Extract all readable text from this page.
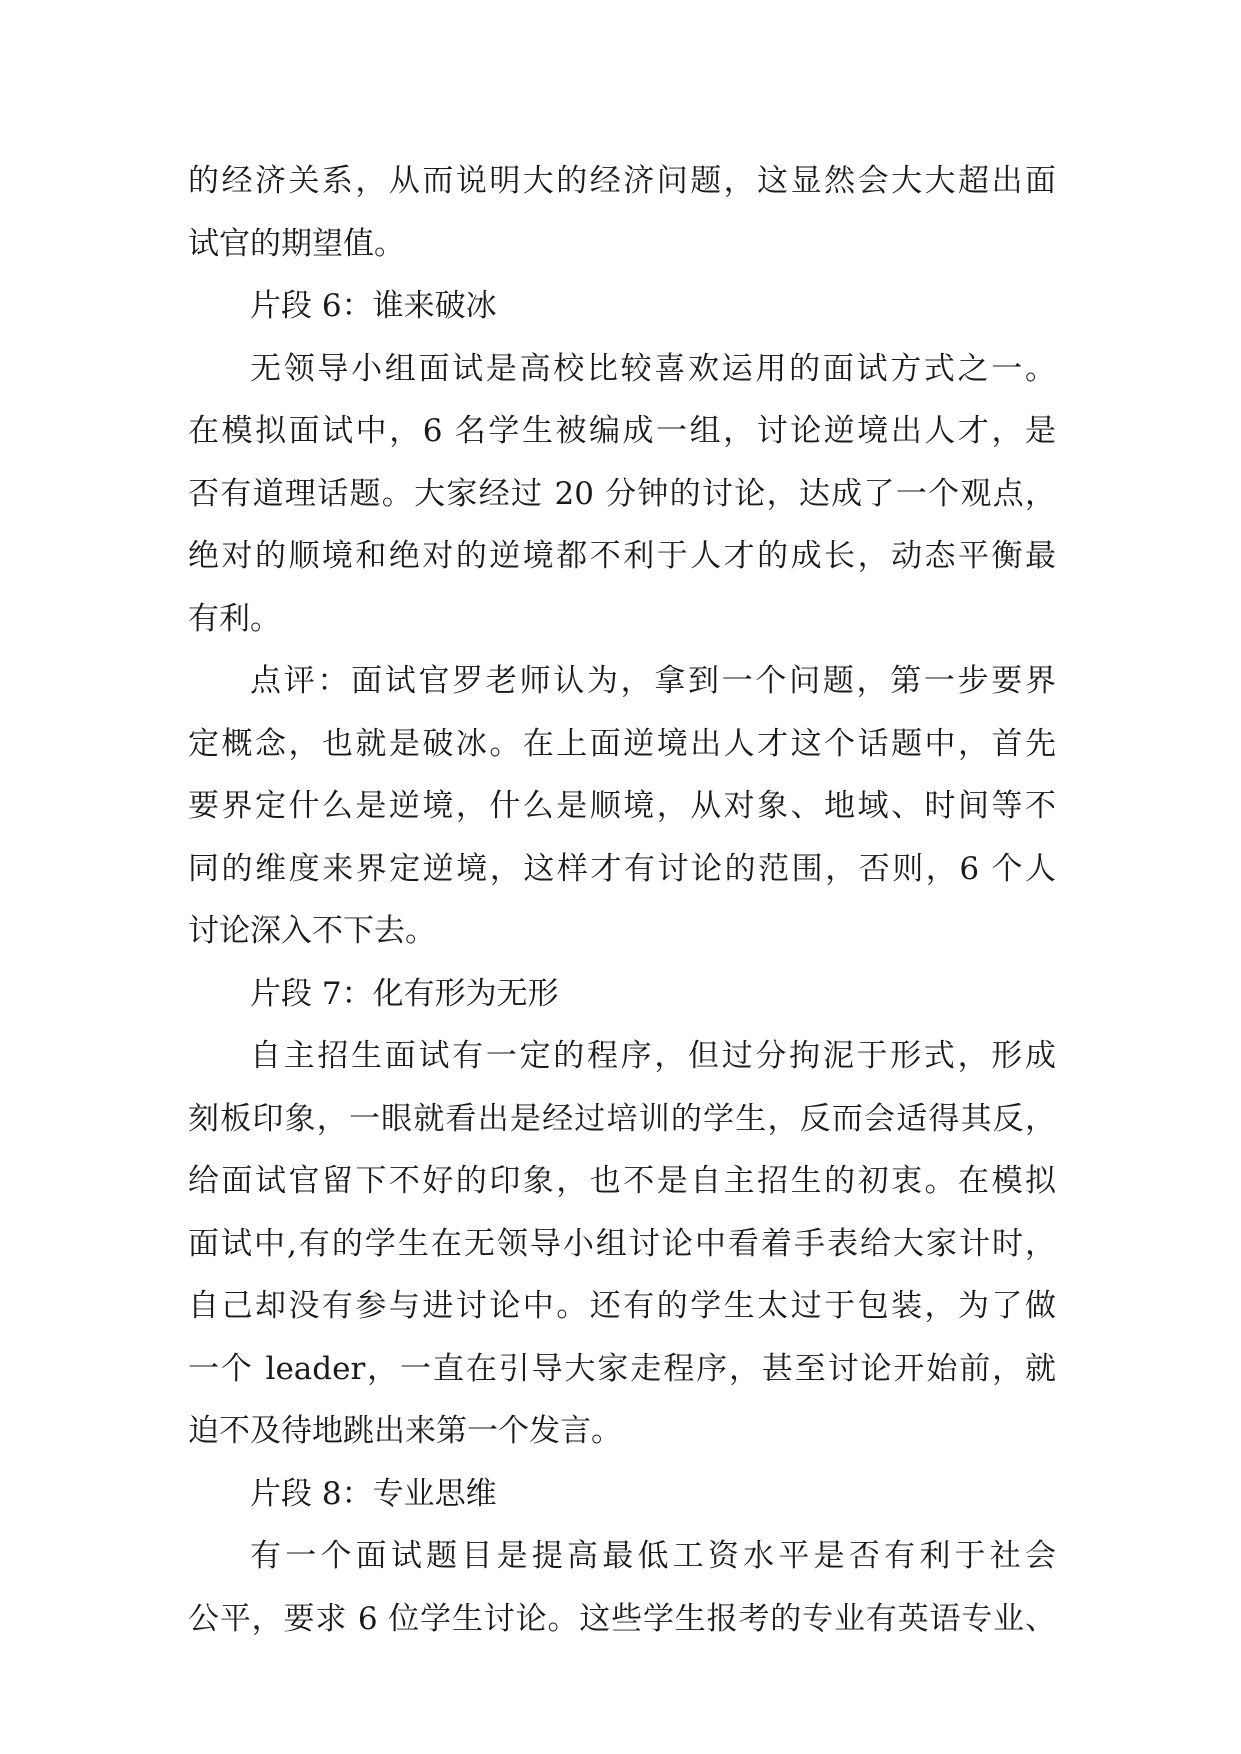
的经济关系，从而说明大的经济问题，这显然会大大超出面
试官的期望值。
片段 6：谁来破冰
无领导小组面试是高校比较喜欢运用的面试方式之一。
在模拟面试中，6 名学生被编成一组，讨论逆境出人才，是
否有道理话题。大家经过 20 分钟的讨论，达成了一个观点，
绝对的顺境和绝对的逆境都不利于人才的成长，动态平衡最
有利。
点评：面试官罗老师认为，拿到一个问题，第一步要界
定概念，也就是破冰。在上面逆境出人才这个话题中，首先
要界定什么是逆境，什么是顺境，从对象、地域、时间等不
同的维度来界定逆境，这样才有讨论的范围，否则，6 个人
讨论深入不下去。
片段 7：化有形为无形
自主招生面试有一定的程序，但过分拘泥于形式，形成
刻板印象，一眼就看出是经过培训的学生，反而会适得其反，
给面试官留下不好的印象，也不是自主招生的初衷。在模拟
面试中,有的学生在无领导小组讨论中看着手表给大家计时，
自己却没有参与进讨论中。还有的学生太过于包装，为了做
一个 leader，一直在引导大家走程序，甚至讨论开始前，就
迫不及待地跳出来第一个发言。
片段 8：专业思维
有一个面试题目是提高最低工资水平是否有利于社会
公平，要求 6 位学生讨论。这些学生报考的专业有英语专业、
